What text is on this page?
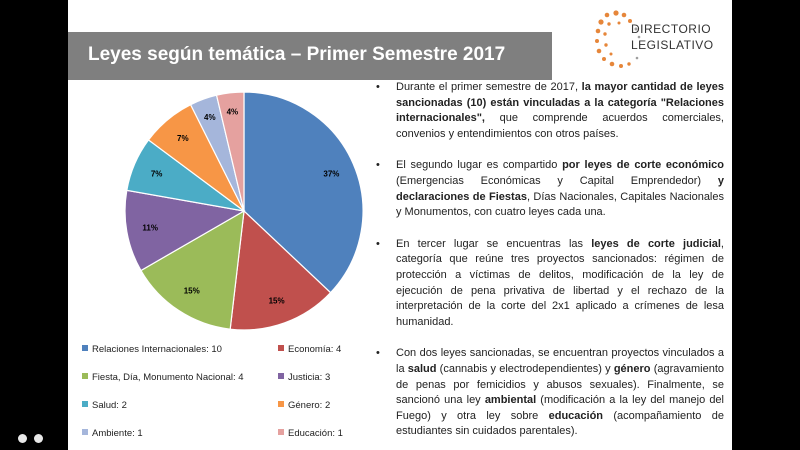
Leyes según temática – Primer Semestre 2017
DIRECTORIO
LEGISLATIVO
37%
15%
15%
11%
7%
7%
4%
4%
Relaciones Internacionales: 10	Economía: 4
Fiesta, Día, Monumento Nacional: 4	Justicia: 3
Salud: 2	Género: 2
Ambiente: 1	Educación: 1
• Durante el primer semestre de 2017, la mayor cantidad de leyes sancionadas (10) están vinculadas a la categoría "Relaciones internacionales", que comprende acuerdos comerciales, convenios y entendimientos con otros países.
• El segundo lugar es compartido por leyes de corte económico (Emergencias Económicas y Capital Emprendedor) y declaraciones de Fiestas, Días Nacionales, Capitales Nacionales y Monumentos, con cuatro leyes cada una.
• En tercer lugar se encuentras las leyes de corte judicial, categoría que reúne tres proyectos sancionados: régimen de protección a víctimas de delitos, modificación de la ley de ejecución de pena privativa de libertad y el rechazo de la interpretación de la corte del 2x1 aplicado a crímenes de lesa humanidad.
• Con dos leyes sancionadas, se encuentran proyectos vinculados a la salud (cannabis y electrodependientes) y género (agravamiento de penas por femicidios y abusos sexuales). Finalmente, se sancionó una ley ambiental (modificación a la ley del manejo del Fuego) y otra ley sobre educación (acompañamiento de estudiantes sin cuidados parentales).
